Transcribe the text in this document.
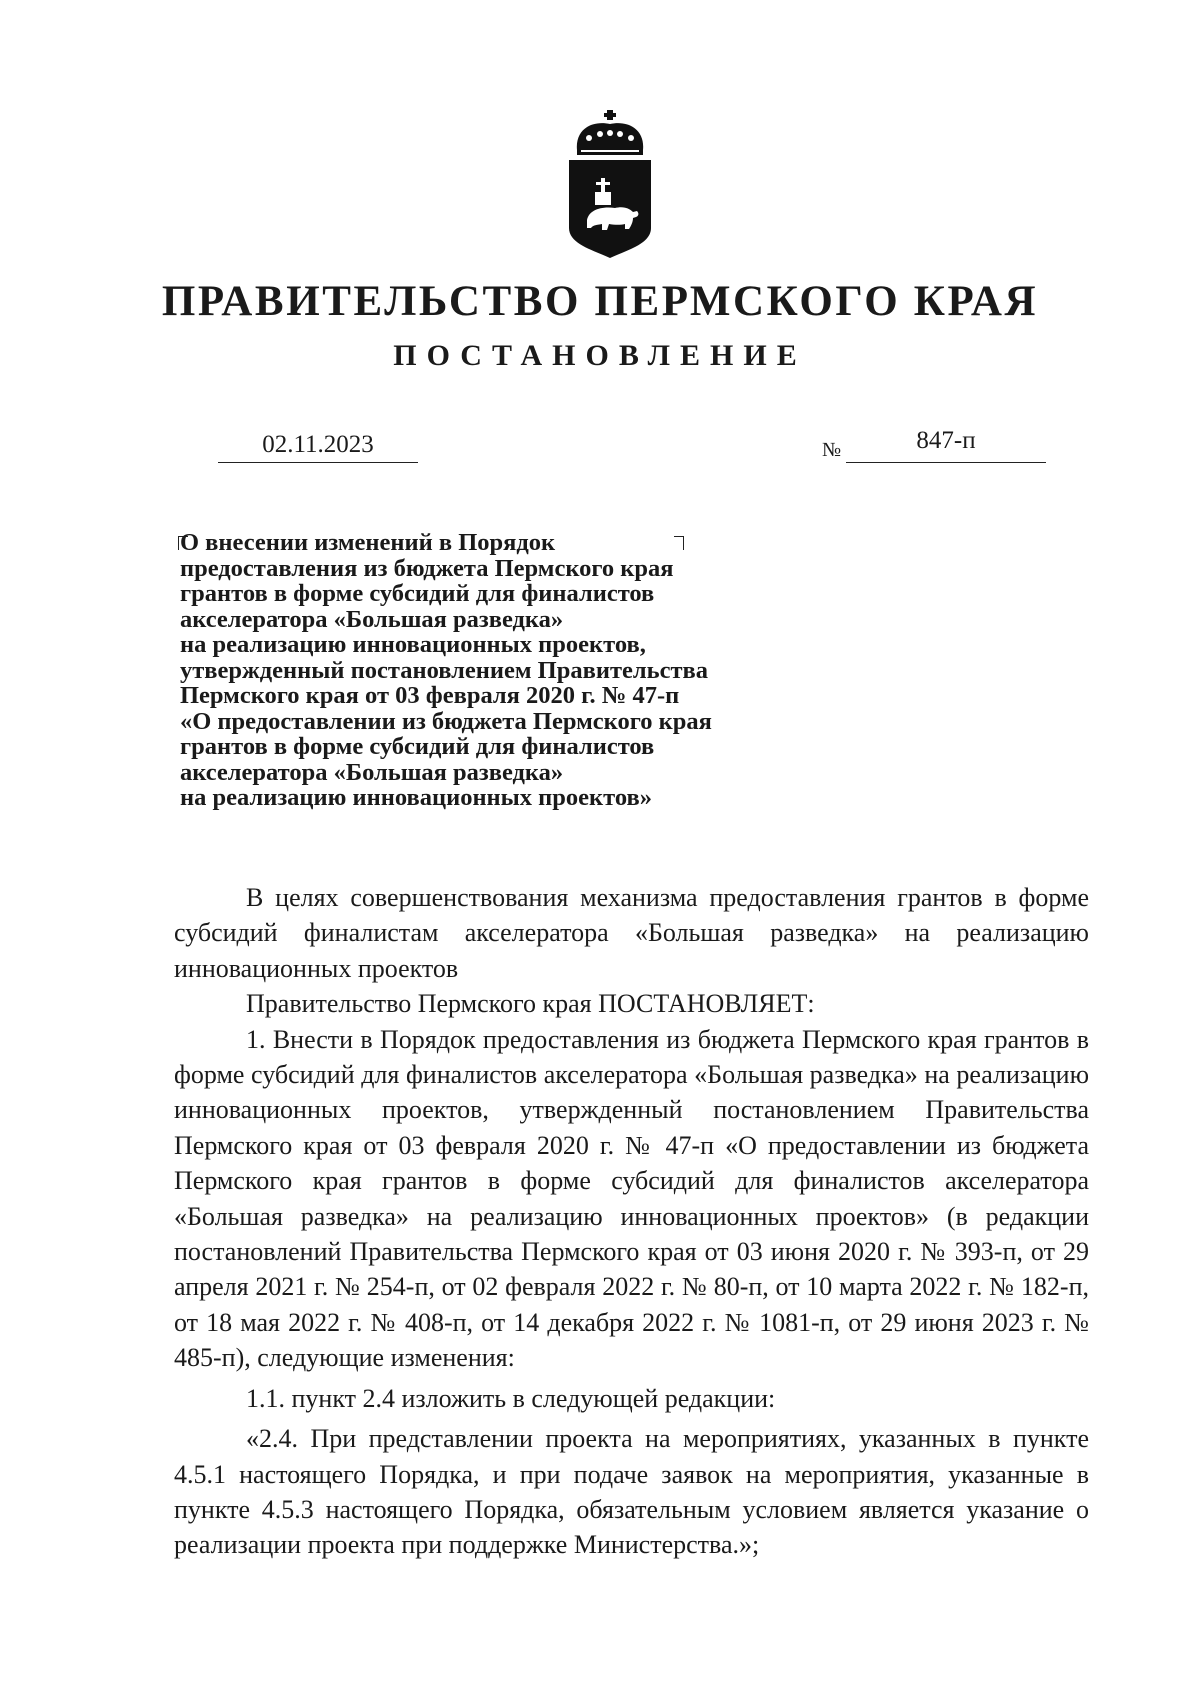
ПРАВИТЕЛЬСТВО ПЕРМСКОГО КРАЯ
ПОСТАНОВЛЕНИЕ
02.11.2023	№	847-п
О внесении изменений в Порядок
предоставления из бюджета Пермского края
грантов в форме субсидий для финалистов
акселератора «Большая разведка»
на реализацию инновационных проектов,
утвержденный постановлением Правительства
Пермского края от 03 февраля 2020 г. № 47-п
«О предоставлении из бюджета Пермского края
грантов в форме субсидий для финалистов
акселератора «Большая разведка»
на реализацию инновационных проектов»

В целях совершенствования механизма предоставления грантов в форме субсидий финалистам акселератора «Большая разведка» на реализацию инновационных проектов

Правительство Пермского края ПОСТАНОВЛЯЕТ:

1. Внести в Порядок предоставления из бюджета Пермского края грантов в форме субсидий для финалистов акселератора «Большая разведка» на реализацию инновационных проектов, утвержденный постановлением Правительства Пермского края от 03 февраля 2020 г. № 47-п «О предоставлении из бюджета Пермского края грантов в форме субсидий для финалистов акселератора «Большая разведка» на реализацию инновационных проектов» (в редакции постановлений Правительства Пермского края от 03 июня 2020 г. № 393-п, от 29 апреля 2021 г. № 254-п, от 02 февраля 2022 г. № 80-п, от 10 марта 2022 г. № 182-п, от 18 мая 2022 г. № 408-п, от 14 декабря 2022 г. № 1081-п, от 29 июня 2023 г. № 485-п), следующие изменения:

1.1. пункт 2.4 изложить в следующей редакции:

«2.4. При представлении проекта на мероприятиях, указанных в пункте 4.5.1 настоящего Порядка, и при подаче заявок на мероприятия, указанные в пункте 4.5.3 настоящего Порядка, обязательным условием является указание о реализации проекта при поддержке Министерства.»;
